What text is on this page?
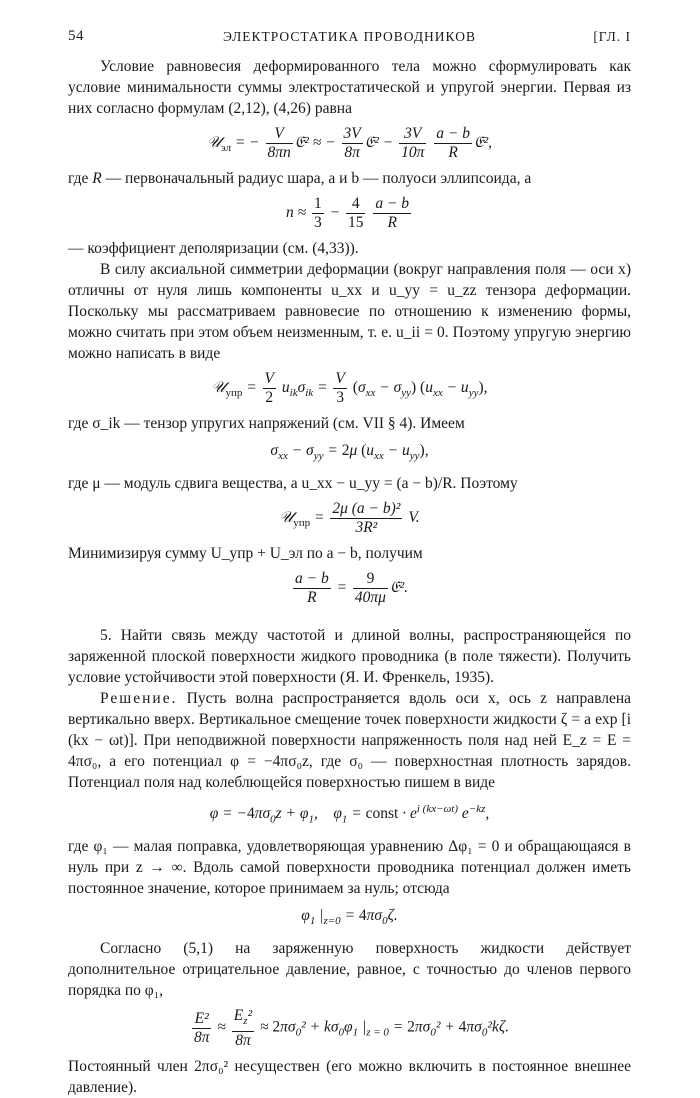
54	ЭЛЕКТРОСТАТИКА ПРОВОДНИКОВ	[ГЛ. I

Условие равновесия деформированного тела можно сформулировать как условие минимальности суммы электростатической и упругой энергии. Первая из них согласно формулам (2,12), (4,26) равна

𝒰$_{эл}$ = − $\frac{V}{8\pi n}$ 𝔈² ≈ − $\frac{3V}{8\pi}$ 𝔈² − $\frac{3V}{10\pi}$
$\frac{a - b}{R}$ 𝔈²,

где R — первоначальный радиус шара, a и b — полуоси эллипсоида, а

$n \approx \frac{1}{3} - \frac{4}{15}$
$\frac{a - b}{R}$

— коэффициент деполяризации (см. (4,33)).

В силу аксиальной симметрии деформации (вокруг направления поля — оси x) отличны от нуля лишь компоненты u_xx и u_yy = u_zz тензора деформации. Поскольку мы рассматриваем равновесие по отношению к изменению формы, можно считать при этом объем неизменным, т. е. u_ii = 0. Поэтому упругую энергию можно написать в виде

𝒰$_{упр}$ = $\frac{V}{2} u_{ik}\sigma_{ik} = \frac{V}{3} (\sigma_{xx} - \sigma_{yy}) (u_{xx} - u_{yy})$,

где σ_ik — тензор упругих напряжений (см. VII § 4). Имеем

$\sigma_{xx} - \sigma_{yy} = 2\mu$ $(u_{xx} - u_{yy})$,

где μ — модуль сдвига вещества, а u_xx − u_yy = (a − b)/R. Поэтому

𝒰$_{упр}$ = $\frac{\text{2μ (a − b)²}}{\text{3R²}} V$.

Минимизируя сумму U_упр + U_эл по a − b, получим

$\frac{a - b}{R} = \frac{9}{40\pi\mu}$ 𝔈².

5. Найти связь между частотой и длиной волны, распространяющейся по заряженной плоской поверхности жидкого проводника (в поле тяжести). Получить условие устойчивости этой поверхности (Я. И. Френкель, 1935).

Решение. Пусть волна распространяется вдоль оси x, ось z направлена вертикально вверх. Вертикальное смещение точек поверхности жидкости ζ = a exp [i (kx − ωt)]. При неподвижной поверхности напряженность поля над ней E_z = E = 4πσ₀, а его потенциал φ = −4πσ₀z, где σ₀ — поверхностная плотность зарядов. Потенциал поля над колеблющейся поверхностью пишем в виде

$\varphi = -4\pi\sigma_0z + \varphi_1$,    $\varphi_1$ = const · $e^{i (kx-\omega t)}$ $e^{-kz}$,

где φ₁ — малая поправка, удовлетворяющая уравнению Δφ₁ = 0 и обращающаяся в нуль при z → ∞. Вдоль самой поверхности проводника потенциал должен иметь постоянное значение, которое принимаем за нуль; отсюда

$\varphi_1$ $|_{z=0} = 4\pi\sigma_0\zeta$.

Согласно (5,1) на заряженную поверхность жидкости действует дополнительное отрицательное давление, равное, с точностью до членов первого порядка по φ₁,

$\frac{\text{E²}}{8\pi} \approx \frac{E_z^2}{8\pi} \approx 2\pi\sigma_0^2 + k\sigma_0\varphi_1$ $|_{z = 0} = 2\pi\sigma_0^2 + 4\pi\sigma_0^2k\zeta$.

Постоянный член 2πσ₀² несуществен (его можно включить в постоянное внешнее давление).
